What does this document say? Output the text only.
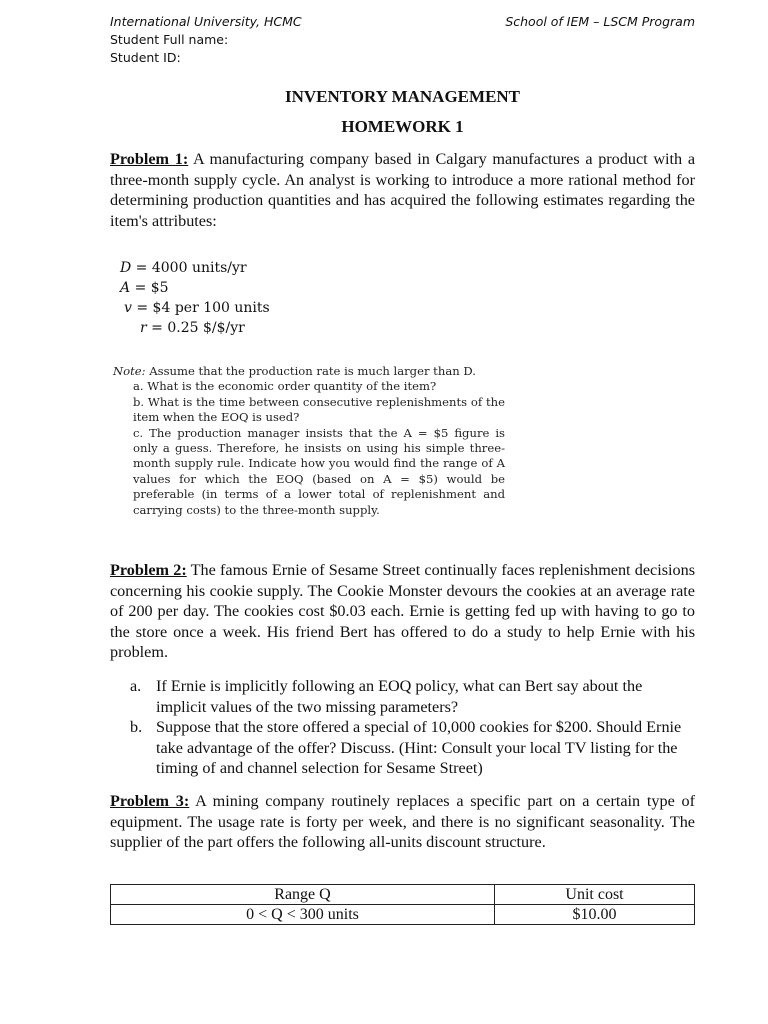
International University, HCMC	School of IEM – LSCM Program
Student Full name:
Student ID:
INVENTORY MANAGEMENT
HOMEWORK 1
Problem 1: A manufacturing company based in Calgary manufactures a product with a three-month supply cycle. An analyst is working to introduce a more rational method for determining production quantities and has acquired the following estimates regarding the item's attributes:
D = 4000 units/yr
A = $5
v = $4 per 100 units
r = 0.25 $/$/yr
Note: Assume that the production rate is much larger than D.
a. What is the economic order quantity of the item?
b. What is the time between consecutive replenishments of the item when the EOQ is used?
c. The production manager insists that the A = $5 figure is only a guess. Therefore, he insists on using his simple three-month supply rule. Indicate how you would find the range of A values for which the EOQ (based on A = $5) would be preferable (in terms of a lower total of replenishment and carrying costs) to the three-month supply.
Problem 2: The famous Ernie of Sesame Street continually faces replenishment decisions concerning his cookie supply. The Cookie Monster devours the cookies at an average rate of 200 per day. The cookies cost $0.03 each. Ernie is getting fed up with having to go to the store once a week. His friend Bert has offered to do a study to help Ernie with his problem.
a. If Ernie is implicitly following an EOQ policy, what can Bert say about the implicit values of the two missing parameters?
b. Suppose that the store offered a special of 10,000 cookies for $200. Should Ernie take advantage of the offer? Discuss. (Hint: Consult your local TV listing for the timing of and channel selection for Sesame Street)
Problem 3: A mining company routinely replaces a specific part on a certain type of equipment. The usage rate is forty per week, and there is no significant seasonality. The supplier of the part offers the following all-units discount structure.
Range Q	Unit cost
0 < Q < 300 units	$10.00
